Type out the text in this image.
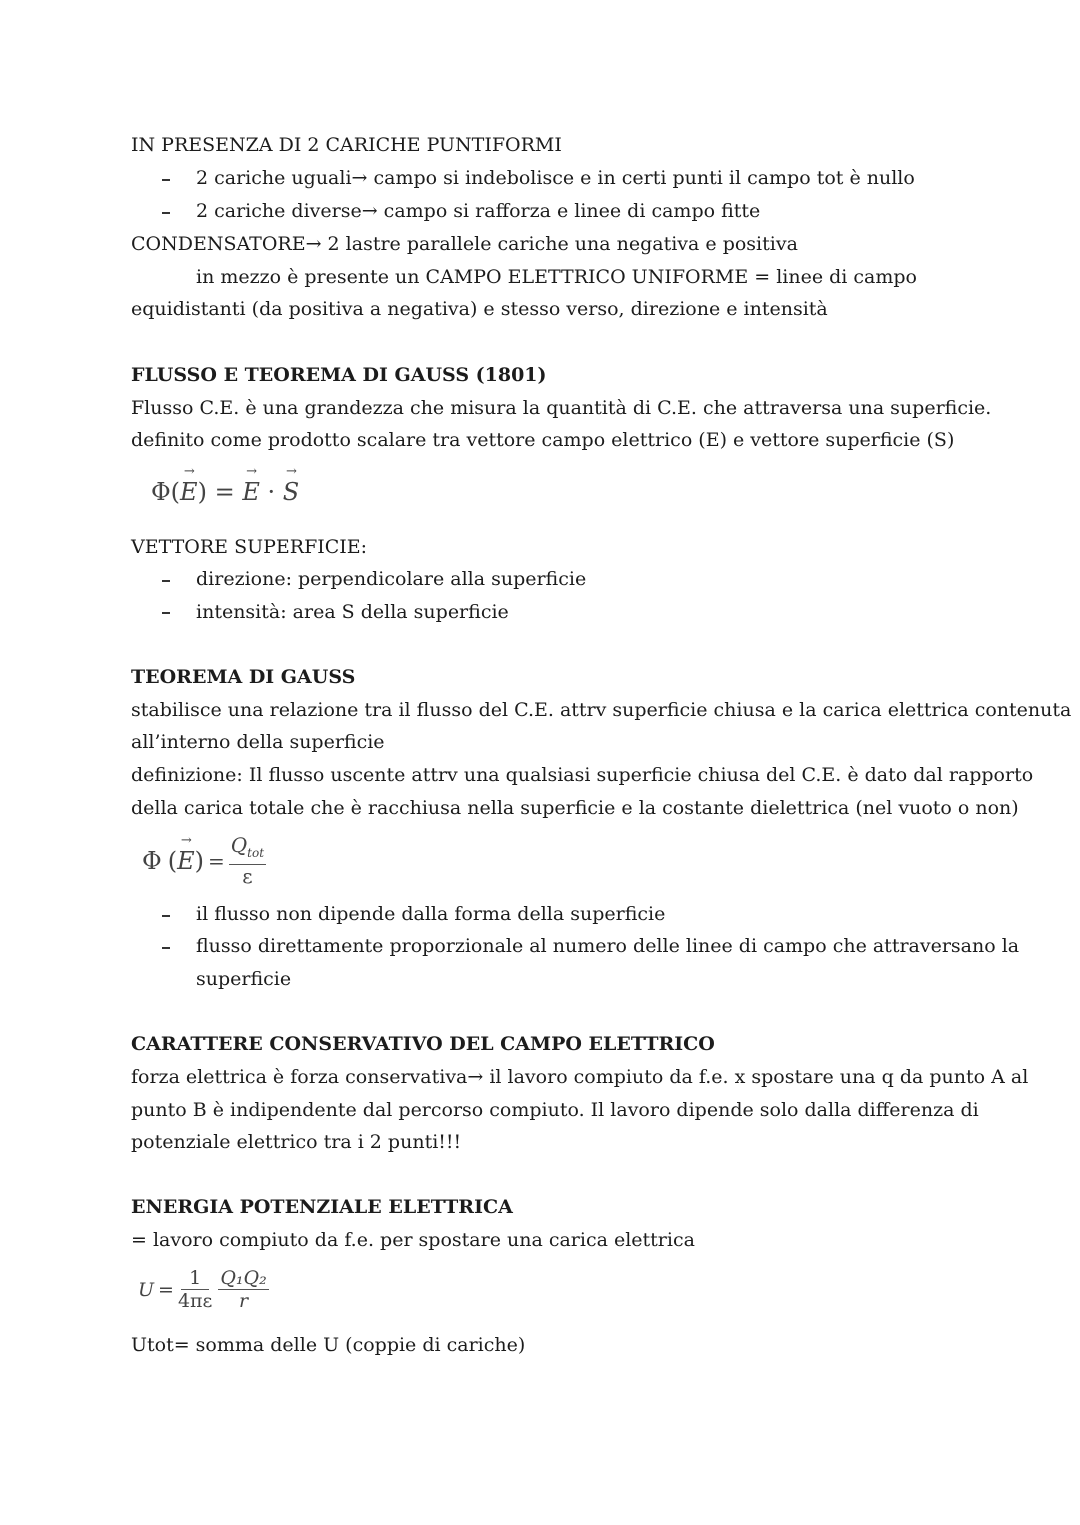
IN PRESENZA DI 2 CARICHE PUNTIFORMI

2 cariche uguali→ campo si indebolisce e in certi punti il campo tot è nullo

2 cariche diverse→ campo si rafforza e linee di campo fitte

CONDENSATORE→ 2 lastre parallele cariche una negativa e positiva

in mezzo è presente un CAMPO ELETTRICO UNIFORME = linee di campo

equidistanti (da positiva a negativa) e stesso verso, direzione e intensità

FLUSSO E TEOREMA DI GAUSS (1801)

Flusso C.E. è una grandezza che misura la quantità di C.E. che attraversa una superficie.

definito come prodotto scalare tra vettore campo elettrico (E) e vettore superficie (S)

Φ(→ E) = → E · → S

VETTORE SUPERFICIE:

direzione: perpendicolare alla superficie

intensità: area S della superficie

TEOREMA DI GAUSS

stabilisce una relazione tra il flusso del C.E. attrv superficie chiusa e la carica elettrica contenuta

all’interno della superficie

definizione: Il flusso uscente attrv una qualsiasi superficie chiusa del C.E. è dato dal rapporto

della carica totale che è racchiusa nella superficie e la costante dielettrica (nel vuoto o non)

Φ (
→ E ) = $\frac{Q_{tot}}{\varepsilon}$

il flusso non dipende dalla forma della superficie

flusso direttamente proporzionale al numero delle linee di campo che attraversano la

superficie

CARATTERE CONSERVATIVO DEL CAMPO ELETTRICO

forza elettrica è forza conservativa→ il lavoro compiuto da f.e. x spostare una q da punto A al

punto B è indipendente dal percorso compiuto. Il lavoro dipende solo dalla differenza di

potenziale elettrico tra i 2 punti!!!

ENERGIA POTENZIALE ELETTRICA

= lavoro compiuto da f.e. per spostare una carica elettrica

$U = \frac{1}{4\pi\varepsilon} \frac{\text{Q₁Q₂}}{r}$

Utot= somma delle U (coppie di cariche)
